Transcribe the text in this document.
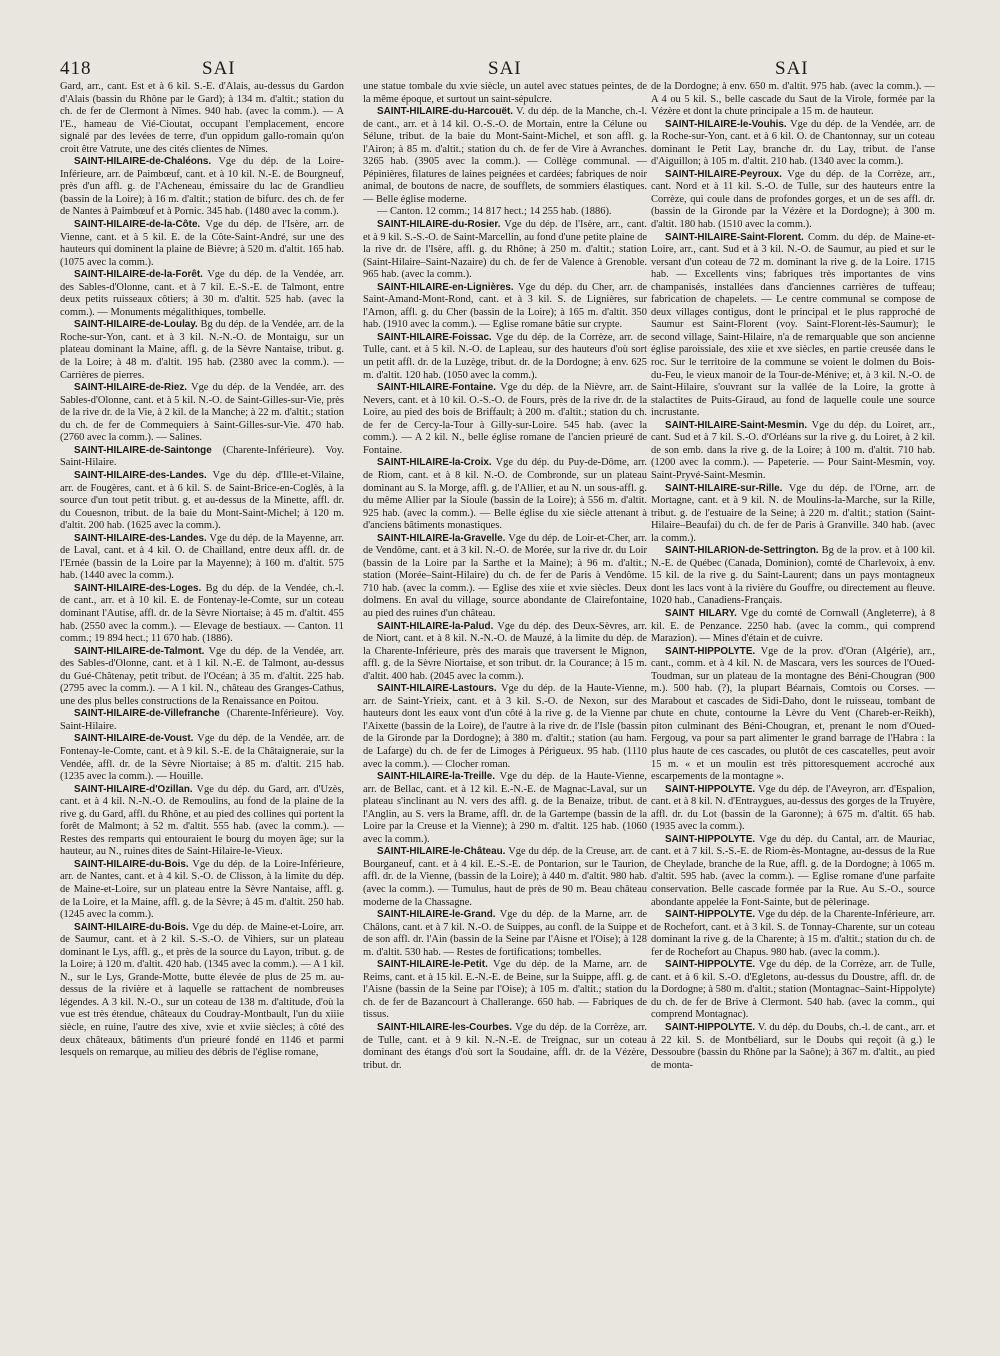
418	SAI	SAI	SAI

Gard, arr., cant. Est et à 6 kil. S.-E. d'Alais, au-dessus du Gardon d'Alais (bassin du Rhône par le Gard); à 134 m. d'altit.; station du ch. de fer de Clermont à Nîmes. 940 hab. (avec la comm.). — A l'E., hameau de Vié-Cioutat, occupant l'emplacement, encore signalé par des levées de terre, d'un oppidum gallo-romain qu'on croit être Vatrute, une des cités clientes de Nîmes.

SAINT-HILAIRE-de-Chaléons. Vge du dép. de la Loire-Inférieure, arr. de Paimbœuf, cant. et à 10 kil. N.-E. de Bourgneuf, près d'un affl. g. de l'Acheneau, émissaire du lac de Grandlieu (bassin de la Loire); à 16 m. d'altit.; station de bifurc. des ch. de fer de Nantes à Paimbœuf et à Pornic. 345 hab. (1480 avec la comm.).

SAINT-HILAIRE-de-la-Côte. Vge du dép. de l'Isère, arr. de Vienne, cant. et à 5 kil. E. de la Côte-Saint-André, sur une des hauteurs qui dominent la plaine de Bièvre; à 520 m. d'altit. 165 hab. (1075 avec la comm.).

SAINT-HILAIRE-de-la-Forêt. Vge du dép. de la Vendée, arr. des Sables-d'Olonne, cant. et à 7 kil. E.-S.-E. de Talmont, entre deux petits ruisseaux côtiers; à 30 m. d'altit. 525 hab. (avec la comm.). — Monuments mégalithiques, tombelle.

SAINT-HILAIRE-de-Loulay. Bg du dép. de la Vendée, arr. de la Roche-sur-Yon, cant. et à 3 kil. N.-N.-O. de Montaigu, sur un plateau dominant la Maine, affl. g. de la Sèvre Nantaise, tribut. g. de la Loire; à 48 m. d'altit. 195 hab. (2380 avec la comm.). — Carrières de pierres.

SAINT-HILAIRE-de-Riez. Vge du dép. de la Vendée, arr. des Sables-d'Olonne, cant. et à 5 kil. N.-O. de Saint-Gilles-sur-Vie, près de la rive dr. de la Vie, à 2 kil. de la Manche; à 22 m. d'altit.; station du ch. de fer de Commequiers à Saint-Gilles-sur-Vie. 470 hab. (2760 avec la comm.). — Salines.

SAINT-HILAIRE-de-Saintonge (Charente-Inférieure). Voy. Saint-Hilaire.

SAINT-HILAIRE-des-Landes. Vge du dép. d'Ille-et-Vilaine, arr. de Fougères, cant. et à 6 kil. S. de Saint-Brice-en-Coglès, à la source d'un tout petit tribut. g. et au-dessus de la Minette, affl. dr. du Couesnon, tribut. de la baie du Mont-Saint-Michel; à 120 m. d'altit. 200 hab. (1625 avec la comm.).

SAINT-HILAIRE-des-Landes. Vge du dép. de la Mayenne, arr. de Laval, cant. et à 4 kil. O. de Chailland, entre deux affl. dr. de l'Ernée (bassin de la Loire par la Mayenne); à 160 m. d'altit. 575 hab. (1440 avec la comm.).

SAINT-HILAIRE-des-Loges. Bg du dép. de la Vendée, ch.-l. de cant., arr. et à 10 kil. E. de Fontenay-le-Comte, sur un coteau dominant l'Autise, affl. dr. de la Sèvre Niortaise; à 45 m. d'altit. 455 hab. (2550 avec la comm.). — Elevage de bestiaux. — Canton. 11 comm.; 19 894 hect.; 11 670 hab. (1886).

SAINT-HILAIRE-de-Talmont. Vge du dép. de la Vendée, arr. des Sables-d'Olonne, cant. et à 1 kil. N.-E. de Talmont, au-dessus du Gué-Châtenay, petit tribut. de l'Océan; à 35 m. d'altit. 225 hab. (2795 avec la comm.). — A 1 kil. N., château des Granges-Cathus, une des plus belles constructions de la Renaissance en Poitou.

SAINT-HILAIRE-de-Villefranche (Charente-Inférieure). Voy. Saint-Hilaire.

SAINT-HILAIRE-de-Voust. Vge du dép. de la Vendée, arr. de Fontenay-le-Comte, cant. et à 9 kil. S.-E. de la Châtaigneraie, sur la Vendée, affl. dr. de la Sèvre Niortaise; à 85 m. d'altit. 215 hab. (1235 avec la comm.). — Houille.

SAINT-HILAIRE-d'Ozillan. Vge du dép. du Gard, arr. d'Uzès, cant. et à 4 kil. N.-N.-O. de Remoulins, au fond de la plaine de la rive g. du Gard, affl. du Rhône, et au pied des collines qui portent la forêt de Malmont; à 52 m. d'altit. 555 hab. (avec la comm.). — Restes des remparts qui entouraient le bourg du moyen âge; sur la hauteur, au N., ruines dites de Saint-Hilaire-le-Vieux.

SAINT-HILAIRE-du-Bois. Vge du dép. de la Loire-Inférieure, arr. de Nantes, cant. et à 4 kil. S.-O. de Clisson, à la limite du dép. de Maine-et-Loire, sur un plateau entre la Sèvre Nantaise, affl. g. de la Loire, et la Maine, affl. g. de la Sèvre; à 45 m. d'altit. 250 hab. (1245 avec la comm.).

SAINT-HILAIRE-du-Bois. Vge du dép. de Maine-et-Loire, arr. de Saumur, cant. et à 2 kil. S.-S.-O. de Vihiers, sur un plateau dominant le Lys, affl. g., et près de la source du Layon, tribut. g. de la Loire; à 120 m. d'altit. 420 hab. (1345 avec la comm.). — A 1 kil. N., sur le Lys, Grande-Motte, butte élevée de plus de 25 m. au-dessus de la rivière et à laquelle se rattachent de nombreuses légendes. A 3 kil. N.-O., sur un coteau de 138 m. d'altitude, d'où la vue est très étendue, châteaux du Coudray-Montbault, l'un du xiiie siècle, en ruine, l'autre des xive, xvie et xviie siècles; à côté des deux châteaux, bâtiments d'un prieuré fondé en 1146 et parmi lesquels on remarque, au milieu des débris de l'église romane,

une statue tombale du xvie siècle, un autel avec statues peintes, de la même époque, et surtout un saint-sépulcre.

SAINT-HILAIRE-du-Harcouët. V. du dép. de la Manche, ch.-l. de cant., arr. et à 14 kil. O.-S.-O. de Mortain, entre la Célune ou Sélune, tribut. de la baie du Mont-Saint-Michel, et son affl. g. l'Airon; à 85 m. d'altit.; station du ch. de fer de Vire à Avranches. 3265 hab. (3905 avec la comm.). — Collège communal. — Pépinières, filatures de laines peignées et cardées; fabriques de noir animal, de boutons de nacre, de soufflets, de sommiers élastiques. — Belle église moderne.

— Canton. 12 comm.; 14 817 hect.; 14 255 hab. (1886).

SAINT-HILAIRE-du-Rosier. Vge du dép. de l'Isère, arr., cant. et à 9 kil. S.-S.-O. de Saint-Marcellin, au fond d'une petite plaine de la rive dr. de l'Isère, affl. g. du Rhône; à 250 m. d'altit.; station (Saint-Hilaire–Saint-Nazaire) du ch. de fer de Valence à Grenoble. 965 hab. (avec la comm.).

SAINT-HILAIRE-en-Lignières. Vge du dép. du Cher, arr. de Saint-Amand-Mont-Rond, cant. et à 3 kil. S. de Lignières, sur l'Arnon, affl. g. du Cher (bassin de la Loire); à 165 m. d'altit. 350 hab. (1910 avec la comm.). — Eglise romane bâtie sur crypte.

SAINT-HILAIRE-Foissac. Vge du dép. de la Corrèze, arr. de Tulle, cant. et à 5 kil. N.-O. de Lapleau, sur des hauteurs d'où sort un petit affl. dr. de la Luzège, tribut. dr. de la Dordogne; à env. 625 m. d'altit. 120 hab. (1050 avec la comm.).

SAINT-HILAIRE-Fontaine. Vge du dép. de la Nièvre, arr. de Nevers, cant. et à 10 kil. O.-S.-O. de Fours, près de la rive dr. de la Loire, au pied des bois de Briffault; à 200 m. d'altit.; station du ch. de fer de Cercy-la-Tour à Gilly-sur-Loire. 545 hab. (avec la comm.). — A 2 kil. N., belle église romane de l'ancien prieuré de Fontaine.

SAINT-HILAIRE-la-Croix. Vge du dép. du Puy-de-Dôme, arr. de Riom, cant. et à 8 kil. N.-O. de Combronde, sur un plateau dominant au S. la Morge, affl. g. de l'Allier, et au N. un sous-affl. g. du même Allier par la Sioule (bassin de la Loire); à 556 m. d'altit. 925 hab. (avec la comm.). — Belle église du xie siècle attenant à d'anciens bâtiments monastiques.

SAINT-HILAIRE-la-Gravelle. Vge du dép. de Loir-et-Cher, arr. de Vendôme, cant. et à 3 kil. N.-O. de Morée, sur la rive dr. du Loir (bassin de la Loire par la Sarthe et la Maine); à 96 m. d'altit.; station (Morée–Saint-Hilaire) du ch. de fer de Paris à Vendôme. 710 hab. (avec la comm.). — Eglise des xiie et xvie siècles. Deux dolmens. En aval du village, source abondante de Clairefontaine, au pied des ruines d'un château.

SAINT-HILAIRE-la-Palud. Vge du dép. des Deux-Sèvres, arr. de Niort, cant. et à 8 kil. N.-N.-O. de Mauzé, à la limite du dép. de la Charente-Inférieure, près des marais que traversent le Mignon, affl. g. de la Sèvre Niortaise, et son tribut. dr. la Courance; à 15 m. d'altit. 400 hab. (2045 avec la comm.).

SAINT-HILAIRE-Lastours. Vge du dép. de la Haute-Vienne, arr. de Saint-Yrieix, cant. et à 3 kil. S.-O. de Nexon, sur des hauteurs dont les eaux vont d'un côté à la rive g. de la Vienne par l'Aixette (bassin de la Loire), de l'autre à la rive dr. de l'Isle (bassin de la Gironde par la Dordogne); à 380 m. d'altit.; station (au ham. de Lafarge) du ch. de fer de Limoges à Périgueux. 95 hab. (1110 avec la comm.). — Clocher roman.

SAINT-HILAIRE-la-Treille. Vge du dép. de la Haute-Vienne, arr. de Bellac, cant. et à 12 kil. E.-N.-E. de Magnac-Laval, sur un plateau s'inclinant au N. vers des affl. g. de la Benaize, tribut. de l'Anglin, au S. vers la Brame, affl. dr. de la Gartempe (bassin de la Loire par la Creuse et la Vienne); à 290 m. d'altit. 125 hab. (1060 avec la comm.).

SAINT-HILAIRE-le-Château. Vge du dép. de la Creuse, arr. de Bourganeuf, cant. et à 4 kil. E.-S.-E. de Pontarion, sur le Taurion, affl. dr. de la Vienne, (bassin de la Loire); à 440 m. d'altit. 980 hab. (avec la comm.). — Tumulus, haut de près de 90 m. Beau château moderne de la Chassagne.

SAINT-HILAIRE-le-Grand. Vge du dép. de la Marne, arr. de Châlons, cant. et à 7 kil. N.-O. de Suippes, au confl. de la Suippe et de son affl. dr. l'Ain (bassin de la Seine par l'Aisne et l'Oise); à 128 m. d'altit. 530 hab. — Restes de fortifications; tombelles.

SAINT-HILAIRE-le-Petit. Vge du dép. de la Marne, arr. de Reims, cant. et à 15 kil. E.-N.-E. de Beine, sur la Suippe, affl. g. de l'Aisne (bassin de la Seine par l'Oise); à 105 m. d'altit.; station du ch. de fer de Bazancourt à Challerange. 650 hab. — Fabriques de tissus.

SAINT-HILAIRE-les-Courbes. Vge du dép. de la Corrèze, arr. de Tulle, cant. et à 9 kil. N.-N.-E. de Treignac, sur un coteau dominant des étangs d'où sort la Soudaine, affl. dr. de la Vézère, tribut. dr.

de la Dordogne; à env. 650 m. d'altit. 975 hab. (avec la comm.). — A 4 ou 5 kil. S., belle cascade du Saut de la Virole, formée par la Vézère et dont la chute principale a 15 m. de hauteur.

SAINT-HILAIRE-le-Vouhis. Vge du dép. de la Vendée, arr. de la Roche-sur-Yon, cant. et à 6 kil. O. de Chantonnay, sur un coteau dominant le Petit Lay, branche dr. du Lay, tribut. de l'anse d'Aiguillon; à 105 m. d'altit. 210 hab. (1340 avec la comm.).

SAINT-HILAIRE-Peyroux. Vge du dép. de la Corrèze, arr., cant. Nord et à 11 kil. S.-O. de Tulle, sur des hauteurs entre la Corrèze, qui coule dans de profondes gorges, et un de ses affl. dr. (bassin de la Gironde par la Vézère et la Dordogne); à 300 m. d'altit. 180 hab. (1510 avec la comm.).

SAINT-HILAIRE-Saint-Florent. Comm. du dép. de Maine-et-Loire, arr., cant. Sud et à 3 kil. N.-O. de Saumur, au pied et sur le versant d'un coteau de 72 m. dominant la rive g. de la Loire. 1715 hab. — Excellents vins; fabriques très importantes de vins champanisés, installées dans d'anciennes carrières de tuffeau; fabrication de chapelets. — Le centre communal se compose de deux villages contigus, dont le principal et le plus rapproché de Saumur est Saint-Florent (voy. Saint-Florent-lès-Saumur); le second village, Saint-Hilaire, n'a de remarquable que son ancienne église paroissiale, des xiie et xve siècles, en partie creusée dans le roc. Sur le territoire de la commune se voient le dolmen du Bois-du-Feu, le vieux manoir de la Tour-de-Ménive; et, à 3 kil. N.-O. de Saint-Hilaire, s'ouvrant sur la vallée de la Loire, la grotte à stalactites de Puits-Giraud, au fond de laquelle coule une source incrustante.

SAINT-HILAIRE-Saint-Mesmin. Vge du dép. du Loiret, arr., cant. Sud et à 7 kil. S.-O. d'Orléans sur la rive g. du Loiret, à 2 kil. de son emb. dans la rive g. de la Loire; à 100 m. d'altit. 710 hab. (1200 avec la comm.). — Papeterie. — Pour Saint-Mesmin, voy. Saint-Pryvé-Saint-Mesmin.

SAINT-HILAIRE-sur-Rille. Vge du dép. de l'Orne, arr. de Mortagne, cant. et à 9 kil. N. de Moulins-la-Marche, sur la Rille, tribut. g. de l'estuaire de la Seine; à 220 m. d'altit.; station (Saint-Hilaire–Beaufai) du ch. de fer de Paris à Granville. 340 hab. (avec la comm.).

SAINT-HILARION-de-Settrington. Bg de la prov. et à 100 kil. N.-E. de Québec (Canada, Dominion), comté de Charlevoix, à env. 15 kil. de la rive g. du Saint-Laurent; dans un pays montagneux dont les lacs vont à la rivière du Gouffre, ou directement au fleuve. 1020 hab., Canadiens-Français.

SAINT HILARY. Vge du comté de Cornwall (Angleterre), à 8 kil. E. de Penzance. 2250 hab. (avec la comm., qui comprend Marazion). — Mines d'étain et de cuivre.

SAINT-HIPPOLYTE. Vge de la prov. d'Oran (Algérie), arr., cant., comm. et à 4 kil. N. de Mascara, vers les sources de l'Oued-Toudman, sur un plateau de la montagne des Béni-Chougran (900 m.). 500 hab. (?), la plupart Béarnais, Comtois ou Corses. — Marabout et cascades de Sidi-Daho, dont le ruisseau, tombant de chute en chute, contourne la Lèvre du Vent (Chareb-er-Reikh), piton culminant des Béni-Chougran, et, prenant le nom d'Oued-Fergoug, va pour sa part alimenter le grand barrage de l'Habra : la plus haute de ces cascades, ou plutôt de ces cascatelles, peut avoir 15 m. « et un moulin est très pittoresquement accroché aux escarpements de la montagne ».

SAINT-HIPPOLYTE. Vge du dép. de l'Aveyron, arr. d'Espalion, cant. et à 8 kil. N. d'Entraygues, au-dessus des gorges de la Truyère, affl. dr. du Lot (bassin de la Garonne); à 675 m. d'altit. 65 hab. (1935 avec la comm.).

SAINT-HIPPOLYTE. Vge du dép. du Cantal, arr. de Mauriac, cant. et à 7 kil. S.-S.-E. de Riom-ès-Montagne, au-dessus de la Rue de Cheylade, branche de la Rue, affl. g. de la Dordogne; à 1065 m. d'altit. 595 hab. (avec la comm.). — Eglise romane d'une parfaite conservation. Belle cascade formée par la Rue. Au S.-O., source abondante appelée la Font-Sainte, but de pèlerinage.

SAINT-HIPPOLYTE. Vge du dép. de la Charente-Inférieure, arr. de Rochefort, cant. et à 3 kil. S. de Tonnay-Charente, sur un coteau dominant la rive g. de la Charente; à 15 m. d'altit.; station du ch. de fer de Rochefort au Chapus. 980 hab. (avec la comm.).

SAINT-HIPPOLYTE. Vge du dép. de la Corrèze, arr. de Tulle, cant. et à 6 kil. S.-O. d'Egletons, au-dessus du Doustre, affl. dr. de la Dordogne; à 580 m. d'altit.; station (Montagnac–Saint-Hippolyte) du ch. de fer de Brive à Clermont. 540 hab. (avec la comm., qui comprend Montagnac).

SAINT-HIPPOLYTE. V. du dép. du Doubs, ch.-l. de cant., arr. et à 22 kil. S. de Montbéliard, sur le Doubs qui reçoit (à g.) le Dessoubre (bassin du Rhône par la Saône); à 367 m. d'altit., au pied de monta-
